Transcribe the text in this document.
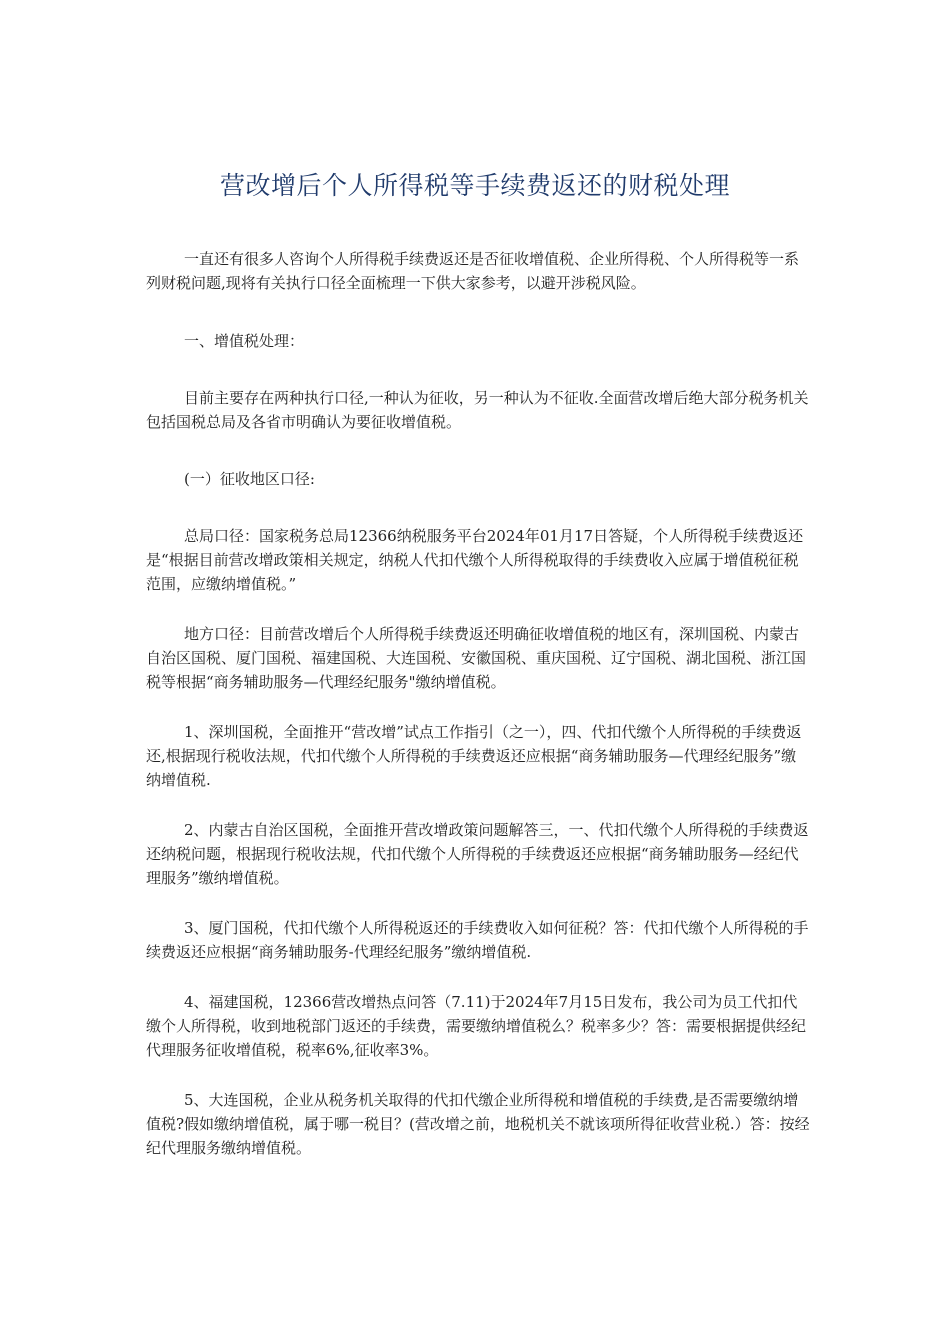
营改增后个人所得税等手续费返还的财税处理

一直还有很多人咨询个人所得税手续费返还是否征收增值税、企业所得税、个人所得税等一系列财税问题,现将有关执行口径全面梳理一下供大家参考，以避开涉税风险。

一、增值税处理：

目前主要存在两种执行口径,一种认为征收，另一种认为不征收.全面营改增后绝大部分税务机关包括国税总局及各省市明确认为要征收增值税。

(一）征收地区口径:

总局口径：国家税务总局12366纳税服务平台2024年01月17日答疑，个人所得税手续费返还是“根据目前营改增政策相关规定，纳税人代扣代缴个人所得税取得的手续费收入应属于增值税征税范围，应缴纳增值税。”

地方口径：目前营改增后个人所得税手续费返还明确征收增值税的地区有，深圳国税、内蒙古自治区国税、厦门国税、福建国税、大连国税、安徽国税、重庆国税、辽宁国税、湖北国税、浙江国税等根据“商务辅助服务—代理经纪服务"缴纳增值税。

1、深圳国税，全面推开“营改增”试点工作指引（之一），四、代扣代缴个人所得税的手续费返还,根据现行税收法规，代扣代缴个人所得税的手续费返还应根据“商务辅助服务—代理经纪服务”缴纳增值税.

2、内蒙古自治区国税，全面推开营改增政策问题解答三，一、代扣代缴个人所得税的手续费返还纳税问题，根据现行税收法规，代扣代缴个人所得税的手续费返还应根据“商务辅助服务—经纪代理服务”缴纳增值税。

3、厦门国税，代扣代缴个人所得税返还的手续费收入如何征税？答：代扣代缴个人所得税的手续费返还应根据“商务辅助服务-代理经纪服务”缴纳增值税.

4、福建国税，12366营改增热点问答（7.11)于2024年7月15日发布，我公司为员工代扣代缴个人所得税，收到地税部门返还的手续费，需要缴纳增值税么？税率多少？答：需要根据提供经纪代理服务征收增值税，税率6%,征收率3%。

5、大连国税，企业从税务机关取得的代扣代缴企业所得税和增值税的手续费,是否需要缴纳增值税?假如缴纳增值税，属于哪一税目？(营改增之前，地税机关不就该项所得征收营业税.）答：按经纪代理服务缴纳增值税。
